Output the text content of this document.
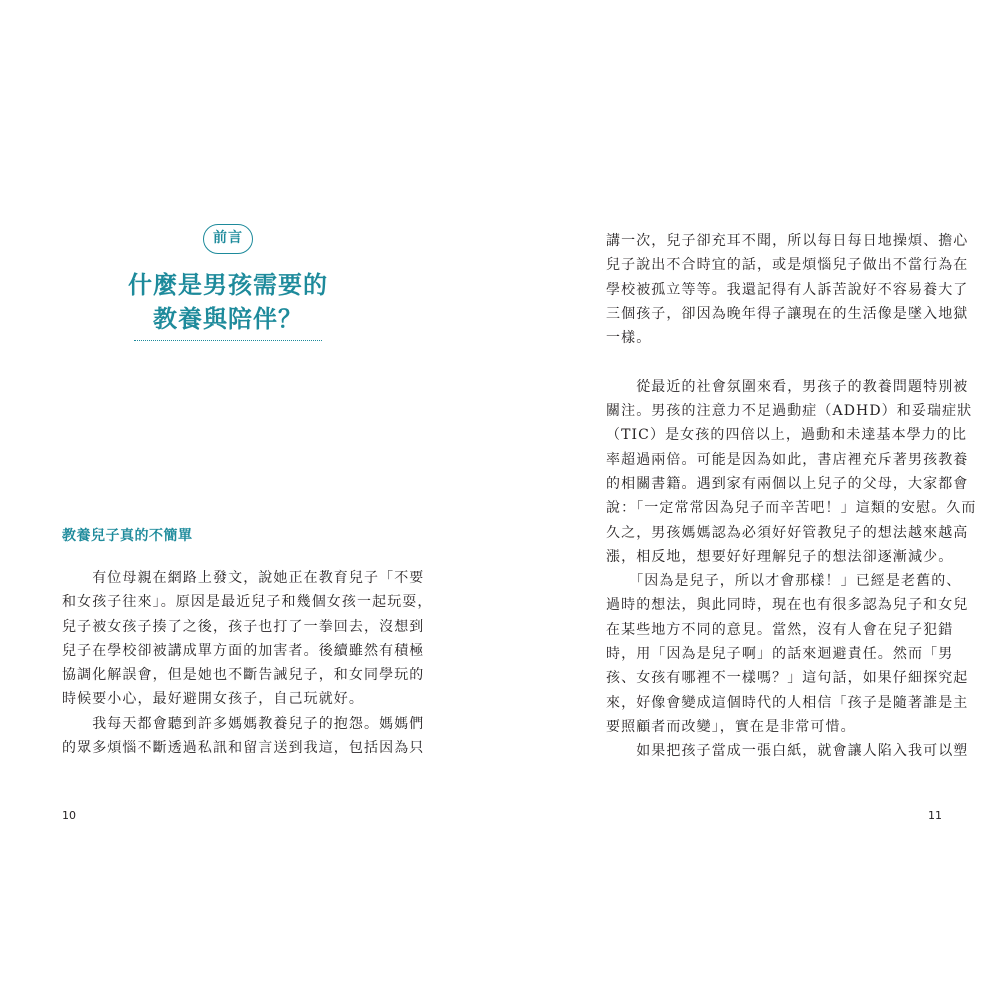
前言
什麼是男孩需要的
教養與陪伴？
教養兒子真的不簡單
　　有位母親在網路上發文，說她正在教育兒子「不要
和女孩子往來」。原因是最近兒子和幾個女孩一起玩耍，
兒子被女孩子揍了之後，孩子也打了一拳回去，沒想到
兒子在學校卻被講成單方面的加害者。後續雖然有積極
協調化解誤會，但是她也不斷告誡兒子，和女同學玩的
時候要小心，最好避開女孩子，自己玩就好。
　　我每天都會聽到許多媽媽教養兒子的抱怨。媽媽們
的眾多煩惱不斷透過私訊和留言送到我這，包括因為只
10
講一次，兒子卻充耳不聞，所以每日每日地操煩、擔心
兒子說出不合時宜的話，或是煩惱兒子做出不當行為在
學校被孤立等等。我還記得有人訴苦說好不容易養大了
三個孩子，卻因為晚年得子讓現在的生活像是墜入地獄
一樣。
　　從最近的社會氛圍來看，男孩子的教養問題特別被
關注。男孩的注意力不足過動症（ADHD）和妥瑞症狀
（TIC）是女孩的四倍以上，過動和未達基本學力的比
率超過兩倍。可能是因為如此，書店裡充斥著男孩教養
的相關書籍。遇到家有兩個以上兒子的父母，大家都會
說：「一定常常因為兒子而辛苦吧！」這類的安慰。久而
久之，男孩媽媽認為必須好好管教兒子的想法越來越高
漲，相反地，想要好好理解兒子的想法卻逐漸減少。
　　「因為是兒子，所以才會那樣！」已經是老舊的、
過時的想法，與此同時，現在也有很多認為兒子和女兒
在某些地方不同的意見。當然，沒有人會在兒子犯錯
時，用「因為是兒子啊」的話來迴避責任。然而「男
孩、女孩有哪裡不一樣嗎？」這句話，如果仔細探究起
來，好像會變成這個時代的人相信「孩子是隨著誰是主
要照顧者而改變」，實在是非常可惜。
　　如果把孩子當成一張白紙，就會讓人陷入我可以塑
11
